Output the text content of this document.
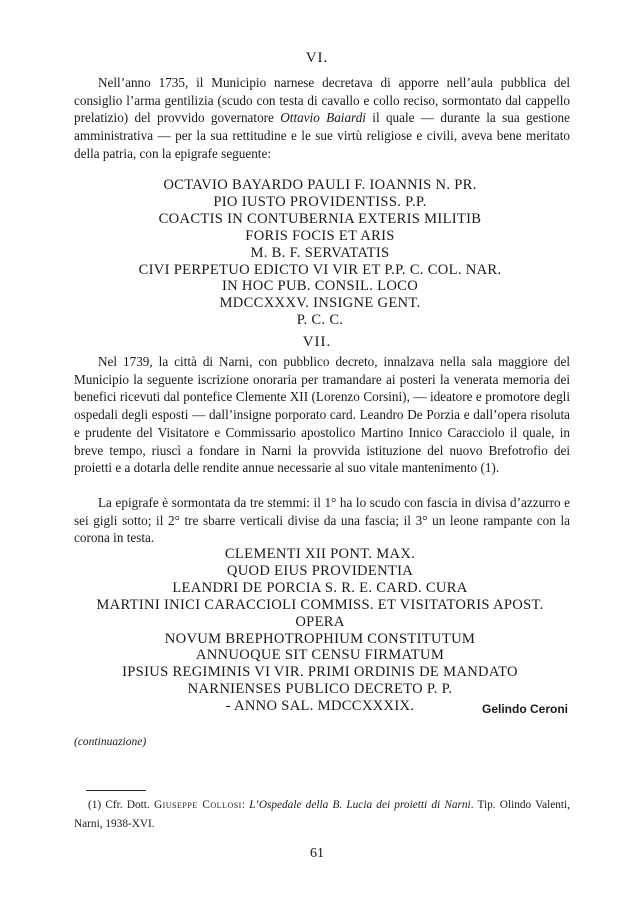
VI.

Nell’anno 1735, il Municipio narnese decretava di apporre nell’aula pubblica del consiglio l’arma gentilizia (scudo con testa di cavallo e collo reciso, sormontato dal cappello prelatizio) del provvido governatore Ottavio Baiardi il quale — durante la sua gestione amministrativa — per la sua rettitudine e le sue virtù religiose e civili, aveva bene meritato della patria, con la epigrafe seguente:

OCTAVIO BAYARDO PAULI F. IOANNIS N. PR.
PIO IUSTO PROVIDENTISS. P.P.
COACTIS IN CONTUBERNIA EXTERIS MILITIB
FORIS FOCIS ET ARIS
M. B. F. SERVATATIS
CIVI PERPETUO EDICTO VI VIR ET P.P. C. COL. NAR.
IN HOC PUB. CONSIL. LOCO
MDCCXXXV. INSIGNE GENT.
P. C. C.
VII.

Nel 1739, la città di Narni, con pubblico decreto, innalzava nella sala maggiore del Municipio la seguente iscrizione onoraria per tramandare ai posteri la venerata memoria dei benefici ricevuti dal pontefice Clemente XII (Lorenzo Corsini), — ideatore e promotore degli ospedali degli esposti — dall’insigne porporato card. Leandro De Porzia e dall’opera risoluta e prudente del Visitatore e Commissario apostolico Martino Innico Caracciolo il quale, in breve tempo, riuscì a fondare in Narni la provvida istituzione del nuovo Brefotrofio dei proietti e a dotarla delle rendite annue necessarie al suo vitale mantenimento (1).

La epigrafe è sormontata da tre stemmi: il 1° ha lo scudo con fascia in divisa d’azzurro e sei gigli sotto; il 2° tre sbarre verticali divise da una fascia; il 3° un leone rampante con la corona in testa.

CLEMENTI XII PONT. MAX.
QUOD EIUS PROVIDENTIA
LEANDRI DE PORCIA S. R. E. CARD. CURA
MARTINI INICI CARACCIOLI COMMISS. ET VISITATORIS APOST.
OPERA
NOVUM BREPHOTROPHIUM CONSTITUTUM
ANNUOQUE SIT CENSU FIRMATUM
IPSIUS REGIMINIS VI VIR. PRIMI ORDINIS DE MANDATO
NARNIENSES PUBLICO DECRETO P. P.
- ANNO SAL. MDCCXXXIX.	Gelindo Ceroni
(continuazione)

(1) Cfr. Dott. Giuseppe Collosi: L’Ospedale della B. Lucia dei proietti di Narni. Tip. Olindo Valenti, Narni, 1938-XVI.

61
